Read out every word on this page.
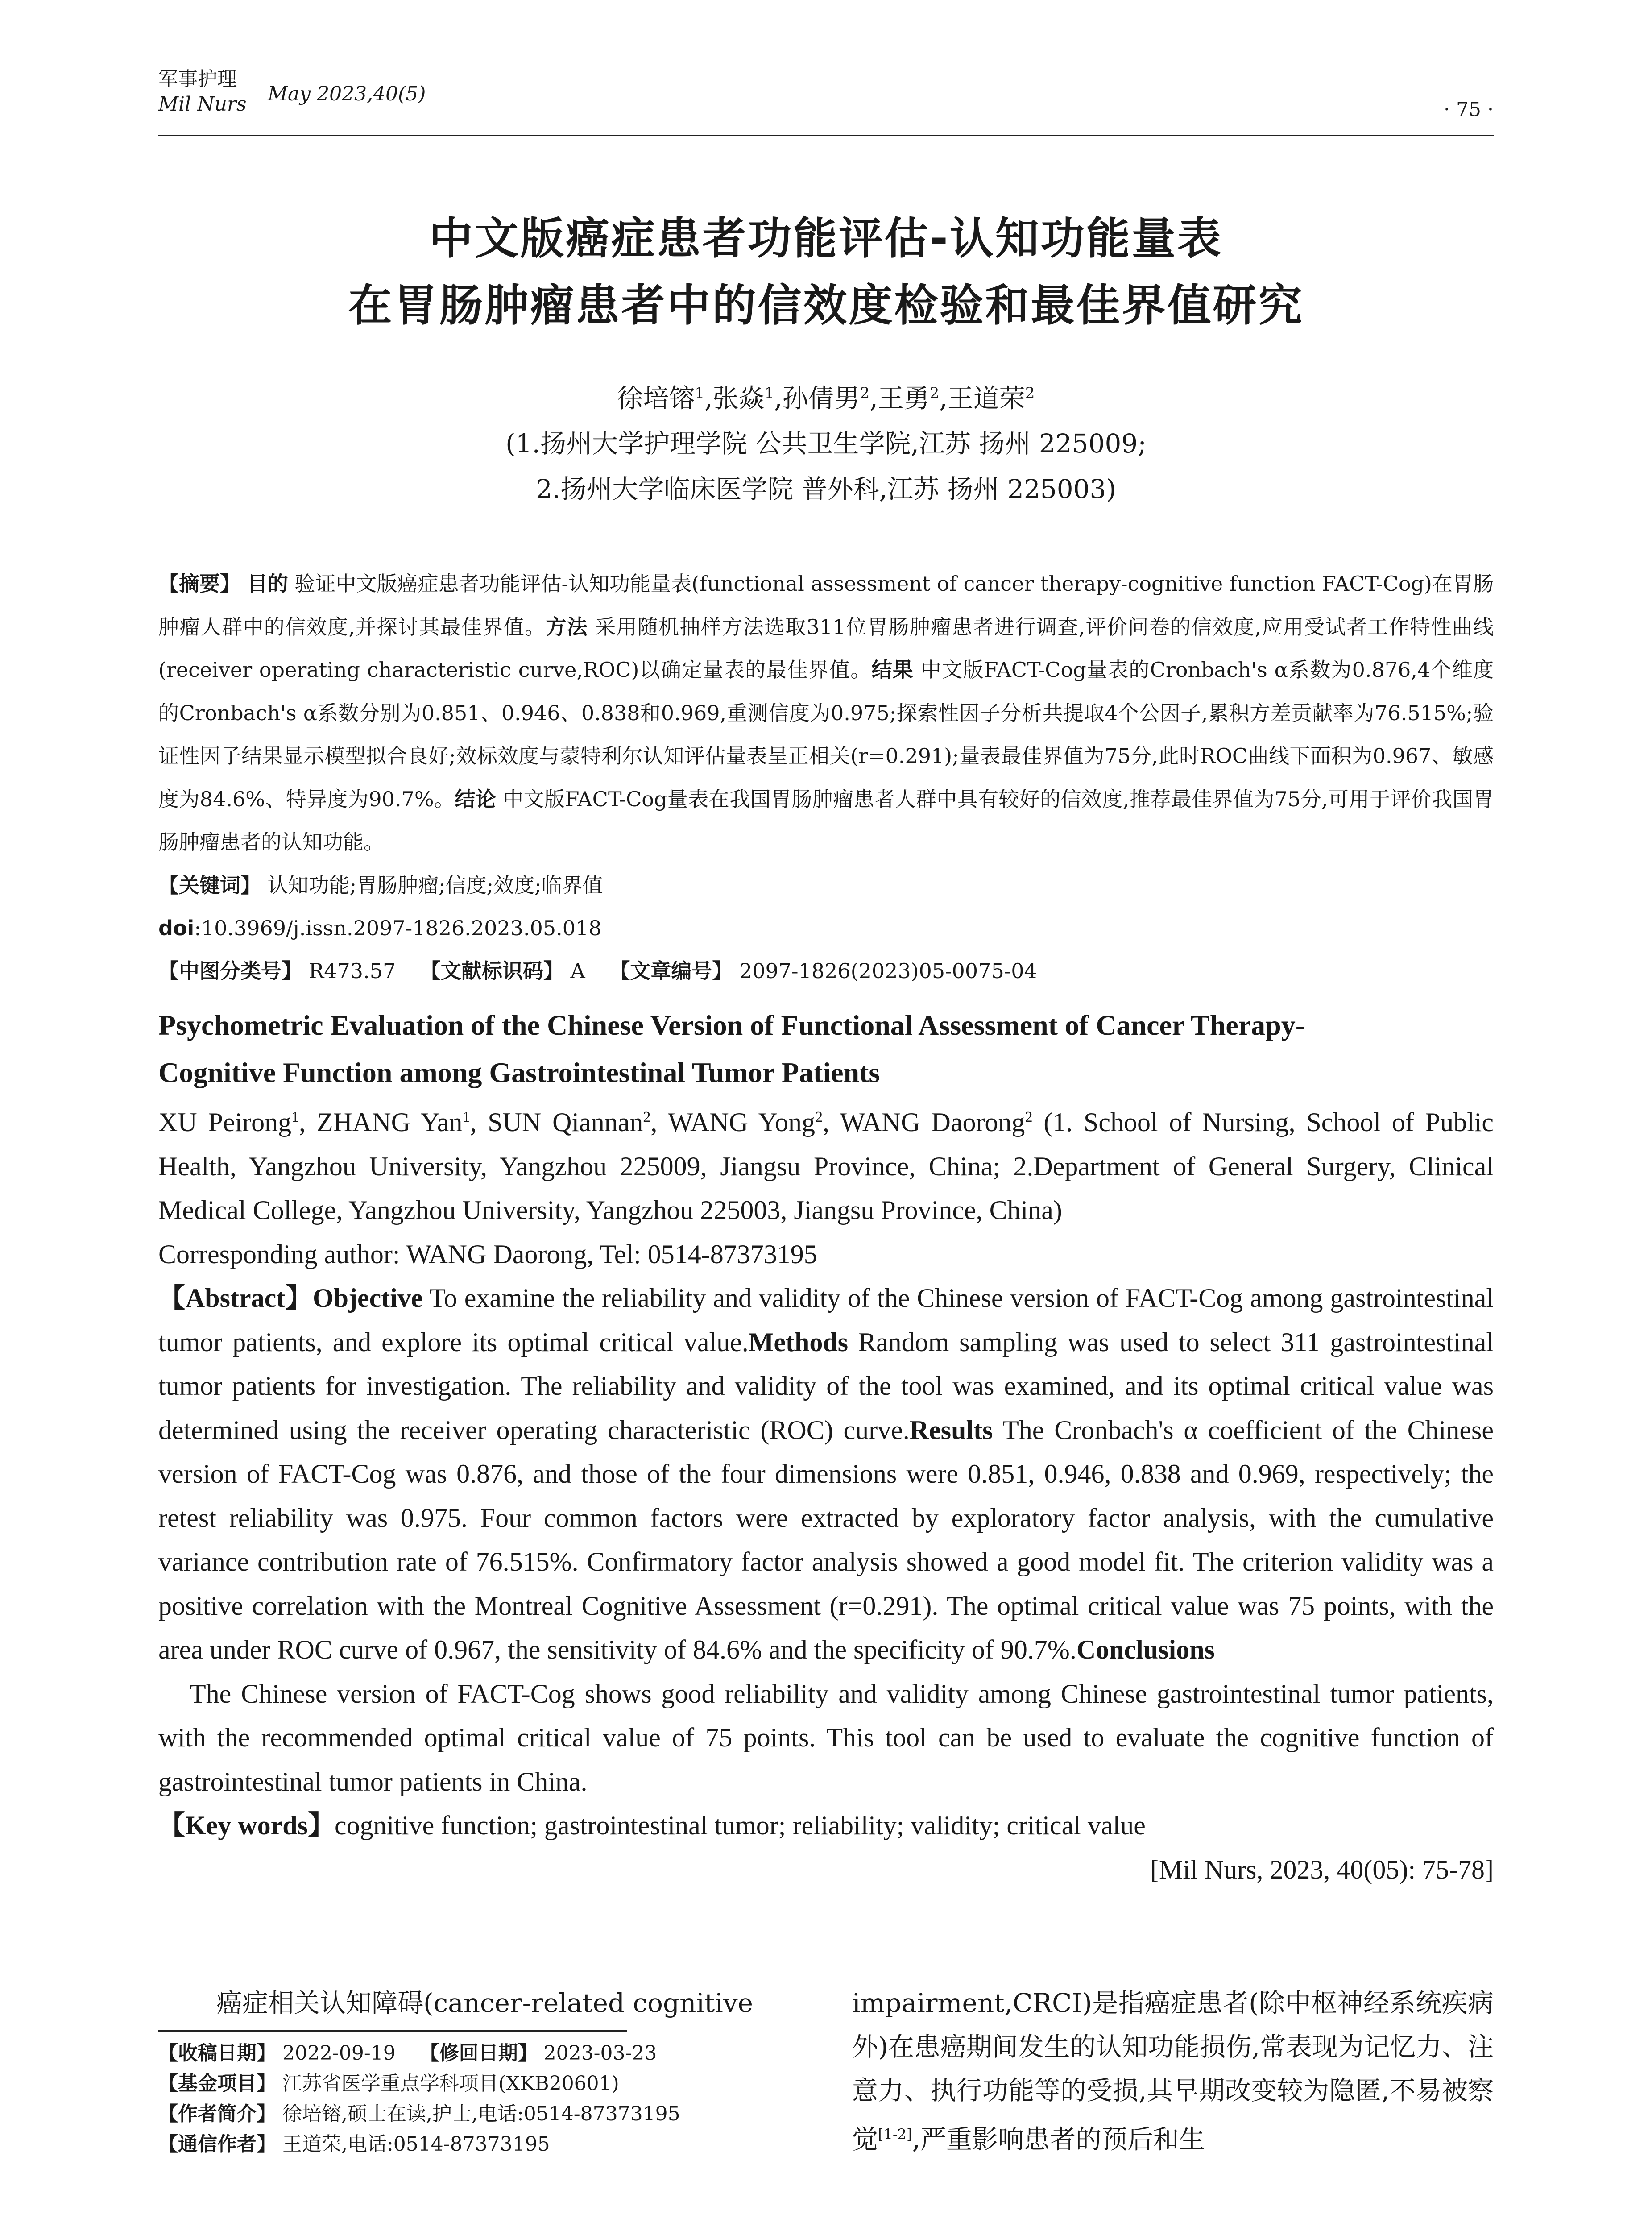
军事护理
Mil Nurs May 2023,40(5)
· 75 ·
中文版癌症患者功能评估-认知功能量表
在胃肠肿瘤患者中的信效度检验和最佳界值研究
徐培镕$^1$,张焱$^1$,孙倩男$^2$,王勇$^2$,王道荣$^2$
(1.扬州大学护理学院 公共卫生学院,江苏 扬州 225009;
2.扬州大学临床医学院 普外科,江苏 扬州 225003)

【摘要】 目的 验证中文版癌症患者功能评估-认知功能量表(functional assessment of cancer therapy-cognitive function FACT-Cog)在胃肠肿瘤人群中的信效度,并探讨其最佳界值。方法 采用随机抽样方法选取311位胃肠肿瘤患者进行调查,评价问卷的信效度,应用受试者工作特性曲线(receiver operating characteristic curve,ROC)以确定量表的最佳界值。结果 中文版FACT-Cog量表的Cronbach's α系数为0.876,4个维度的Cronbach's α系数分别为0.851、0.946、0.838和0.969,重测信度为0.975;探索性因子分析共提取4个公因子,累积方差贡献率为76.515%;验证性因子结果显示模型拟合良好;效标效度与蒙特利尔认知评估量表呈正相关(r=0.291);量表最佳界值为75分,此时ROC曲线下面积为0.967、敏感度为84.6%、特异度为90.7%。结论 中文版FACT-Cog量表在我国胃肠肿瘤患者人群中具有较好的信效度,推荐最佳界值为75分,可用于评价我国胃肠肿瘤患者的认知功能。

【关键词】 认知功能;胃肠肿瘤;信度;效度;临界值

doi:10.3969/j.issn.2097-1826.2023.05.018

【中图分类号】 R473.57 【文献标识码】 A 【文章编号】 2097-1826(2023)05-0075-04

Psychometric Evaluation of the Chinese Version of Functional Assessment of Cancer Therapy-
Cognitive Function among Gastrointestinal Tumor Patients

XU Peirong$^1$, ZHANG Yan$^1$, SUN Qiannan$^2$, WANG Yong$^2$, WANG Daorong$^2$ (1. School of Nursing, School of Public Health, Yangzhou University, Yangzhou 225009, Jiangsu Province, China; 2.Department of General Surgery, Clinical Medical College, Yangzhou University, Yangzhou 225003, Jiangsu Province, China)

Corresponding author: WANG Daorong, Tel: 0514-87373195

【Abstract】Objective To examine the reliability and validity of the Chinese version of FACT-Cog among gastrointestinal tumor patients, and explore its optimal critical value.Methods Random sampling was used to select 311 gastrointestinal tumor patients for investigation. The reliability and validity of the tool was examined, and its optimal critical value was determined using the receiver operating characteristic (ROC) curve.Results The Cronbach's α coefficient of the Chinese version of FACT-Cog was 0.876, and those of the four dimensions were 0.851, 0.946, 0.838 and 0.969, respectively; the retest reliability was 0.975. Four common factors were extracted by exploratory factor analysis, with the cumulative variance contribution rate of 76.515%. Confirmatory factor analysis showed a good model fit. The criterion validity was a positive correlation with the Montreal Cognitive Assessment (r=0.291). The optimal critical value was 75 points, with the area under ROC curve of 0.967, the sensitivity of 84.6% and the specificity of 90.7%.Conclusions

The Chinese version of FACT-Cog shows good reliability and validity among Chinese gastrointestinal tumor patients, with the recommended optimal critical value of 75 points. This tool can be used to evaluate the cognitive function of gastrointestinal tumor patients in China.

【Key words】cognitive function; gastrointestinal tumor; reliability; validity; critical value

[Mil Nurs, 2023, 40(05): 75-78]

癌症相关认知障碍(cancer-related cognitive	impairment,CRCI)是指癌症患者(除中枢神经系统疾病外)在患癌期间发生的认知功能损伤,常表现为记忆力、注意力、执行功能等的受损,其早期改变较为隐匿,不易被察觉[1-2],严重影响患者的预后和生

【收稿日期】 2022-09-19 【修回日期】 2023-03-23

【基金项目】 江苏省医学重点学科项目(XKB20601)

【作者简介】 徐培镕,硕士在读,护士,电话:0514-87373195

【通信作者】 王道荣,电话:0514-87373195
